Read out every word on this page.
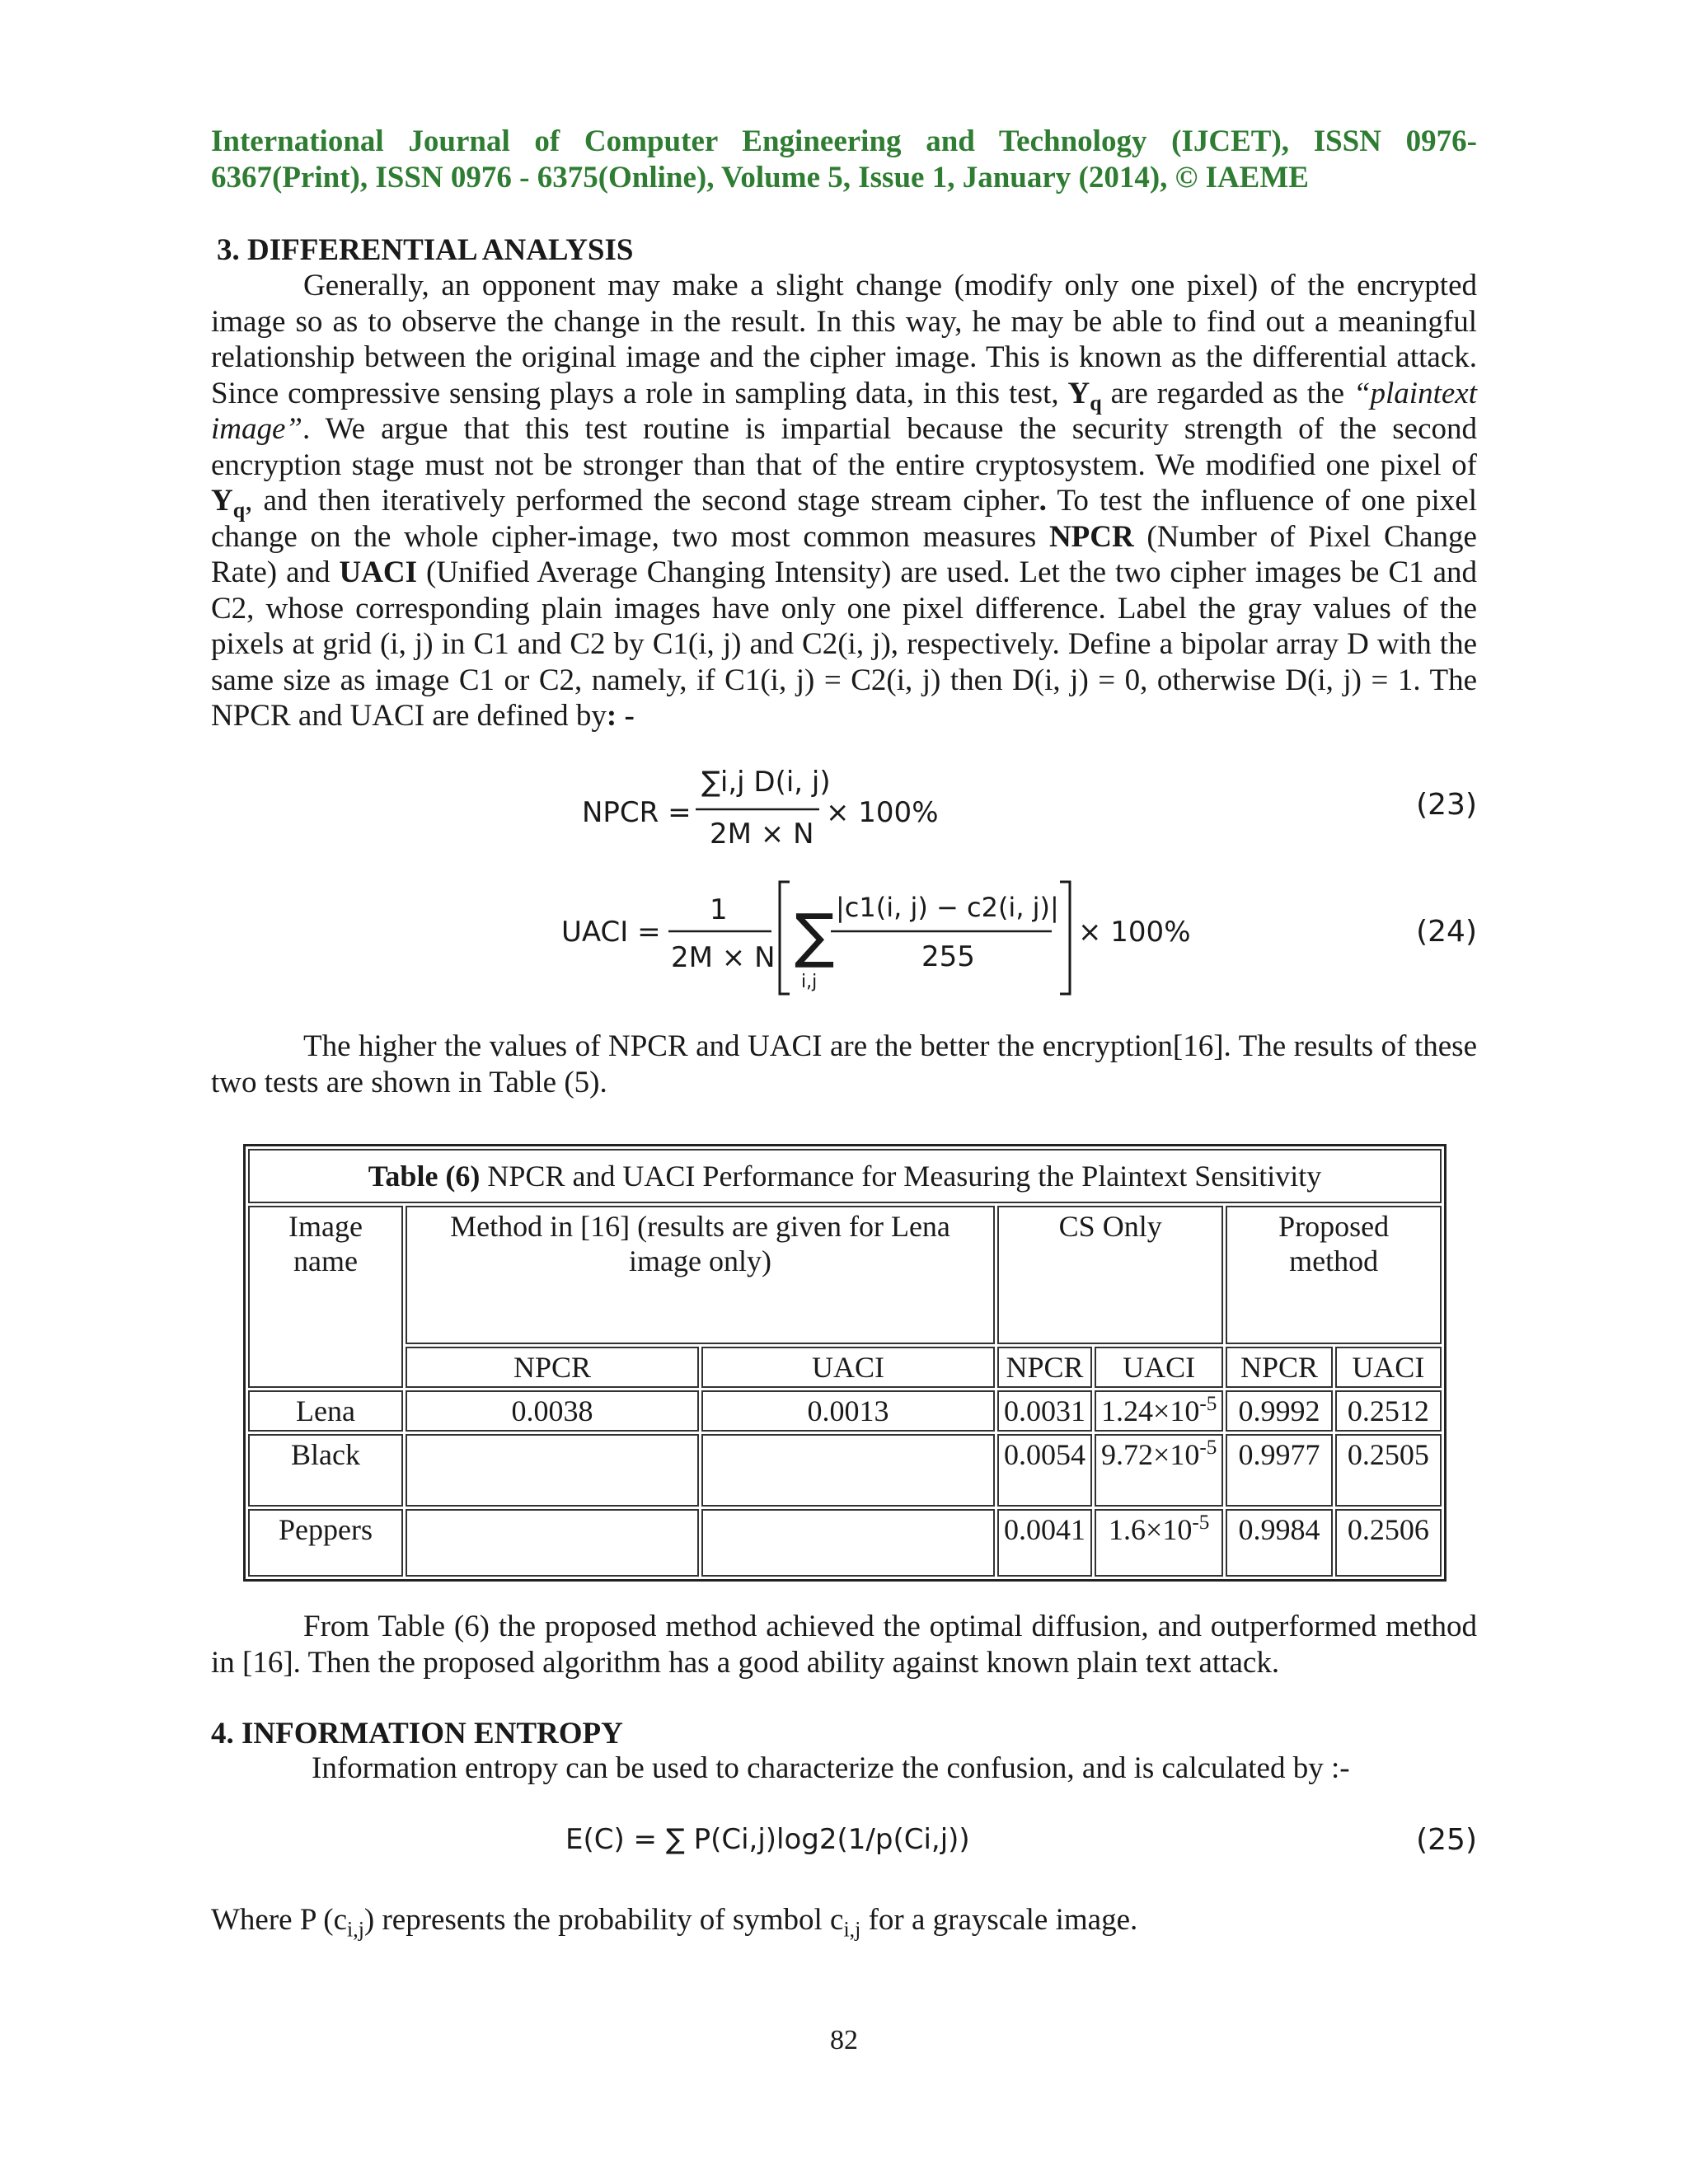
International Journal of Computer Engineering and Technology (IJCET), ISSN 0976-
6367(Print), ISSN 0976 - 6375(Online), Volume 5, Issue 1, January (2014), © IAEME
3. DIFFERENTIAL ANALYSIS
Generally, an opponent may make a slight change (modify only one pixel) of the encrypted image so as to observe the change in the result. In this way, he may be able to find out a meaningful relationship between the original image and the cipher image. This is known as the differential attack. Since compressive sensing plays a role in sampling data, in this test, $Y_q$ are regarded as the “plaintext image”. We argue that this test routine is impartial because the security strength of the second encryption stage must not be stronger than that of the entire cryptosystem. We modified one pixel of $Y_q$, and then iteratively performed the second stage stream cipher. To test the influence of one pixel change on the whole cipher-image, two most common measures NPCR (Number of Pixel Change Rate) and UACI (Unified Average Changing Intensity) are used. Let the two cipher images be C1 and C2, whose corresponding plain images have only one pixel difference. Label the gray values of the pixels at grid (i, j) in C1 and C2 by C1(i, j) and C2(i, j), respectively. Define a bipolar array D with the same size as image C1 or C2, namely, if C1(i, j) = C2(i, j) then D(i, j) = 0, otherwise D(i, j) = 1. The NPCR and UACI are defined by: -
NPCR =
∑i,j D(i, j)
2M × N
× 100%	(23)
UACI =
1
2M × N ∑
i,j
|c1(i, j) − c2(i, j)|
255
× 100%	(24)
The higher the values of NPCR and UACI are the better the encryption[16]. The results of these two tests are shown in Table (5).
Table (6) NPCR and UACI Performance for Measuring the Plaintext Sensitivity						
Image name	Method in [16] (results are given for Lena image only)		CS Only		Proposed method	
	NPCR	UACI	NPCR	UACI	NPCR	UACI
Lena	0.0038	0.0013	0.0031	$1.24\times 10^{-5}$	0.9992	0.2512
Black			0.0054	$9.72\times 10^{-5}$	0.9977	0.2505
Peppers			0.0041	$1.6\times 10^{-5}$	0.9984	0.2506
From Table (6) the proposed method achieved the optimal diffusion, and outperformed method in [16]. Then the proposed algorithm has a good ability against known plain text attack.
4. INFORMATION ENTROPY
Information entropy can be used to characterize the confusion, and is calculated by :-
E(C) = ∑ P(Ci,j)log2(1/p(Ci,j))	(25)
Where P $(c_{i,j})$ represents the probability of symbol $c_{i,j}$ for a grayscale image.
82
